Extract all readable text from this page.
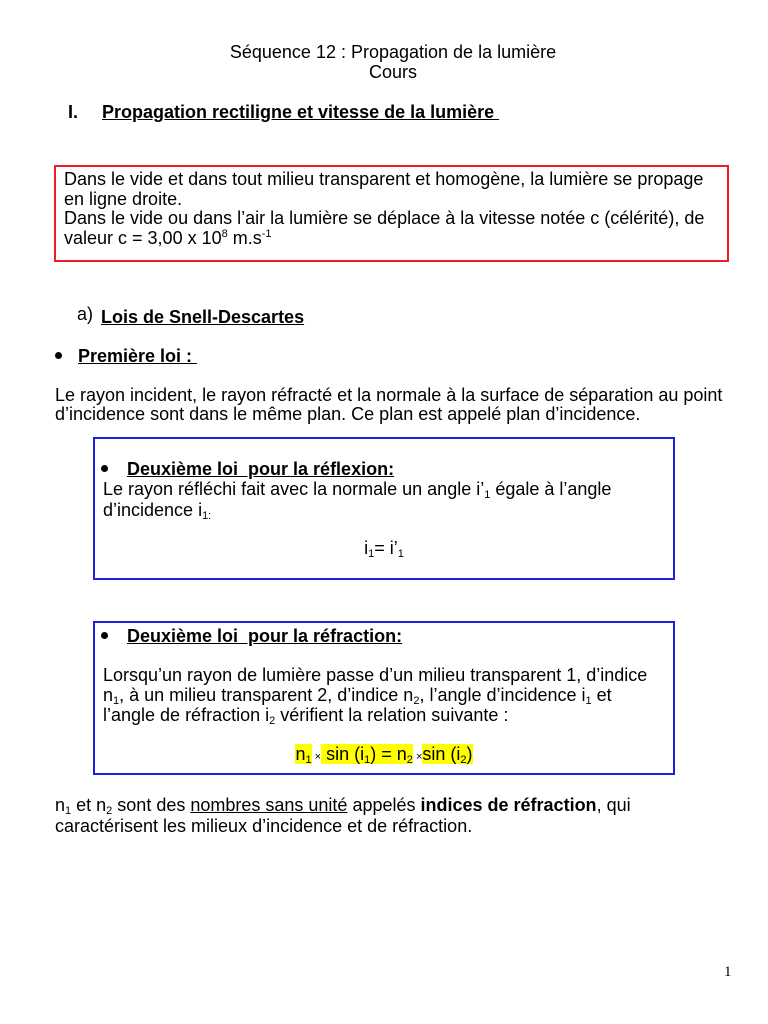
Séquence 12 : Propagation de la lumière
Cours
I. Propagation rectiligne et vitesse de la lumière
Dans le vide et dans tout milieu transparent et homogène, la lumière se propage
en ligne droite.
Dans le vide ou dans l’air la lumière se déplace à la vitesse notée c (célérité), de
valeur c = 3,00 x $10^8$ $m.s^{-1}$
a) Lois de Snell-Descartes
Première loi :
Le rayon incident, le rayon réfracté et la normale à la surface de séparation au point
d’incidence sont dans le même plan. Ce plan est appelé plan d’incidence.
Deuxième loi  pour la réflexion:
Le rayon réfléchi fait avec la normale un angle $i’_1$ égale à l’angle
d’incidence $i_{1:}$
$i_1=$ $i’_1$
Deuxième loi  pour la réfraction:
Lorsqu’un rayon de lumière passe d’un milieu transparent 1, d’indice
$n_1$, à un milieu transparent 2, d’indice $n_2$, l’angle d’incidence $i_1$ et
l’angle de réfraction $i_2$ vérifient la relation suivante :
$n_1 \times \sin (i_1) = n_2 \times\sin$ $(i_2)$
$n_1$ et $n_2$ sont des nombres sans unité appelés indices de réfraction, qui
caractérisent les milieux d’incidence et de réfraction.
1
